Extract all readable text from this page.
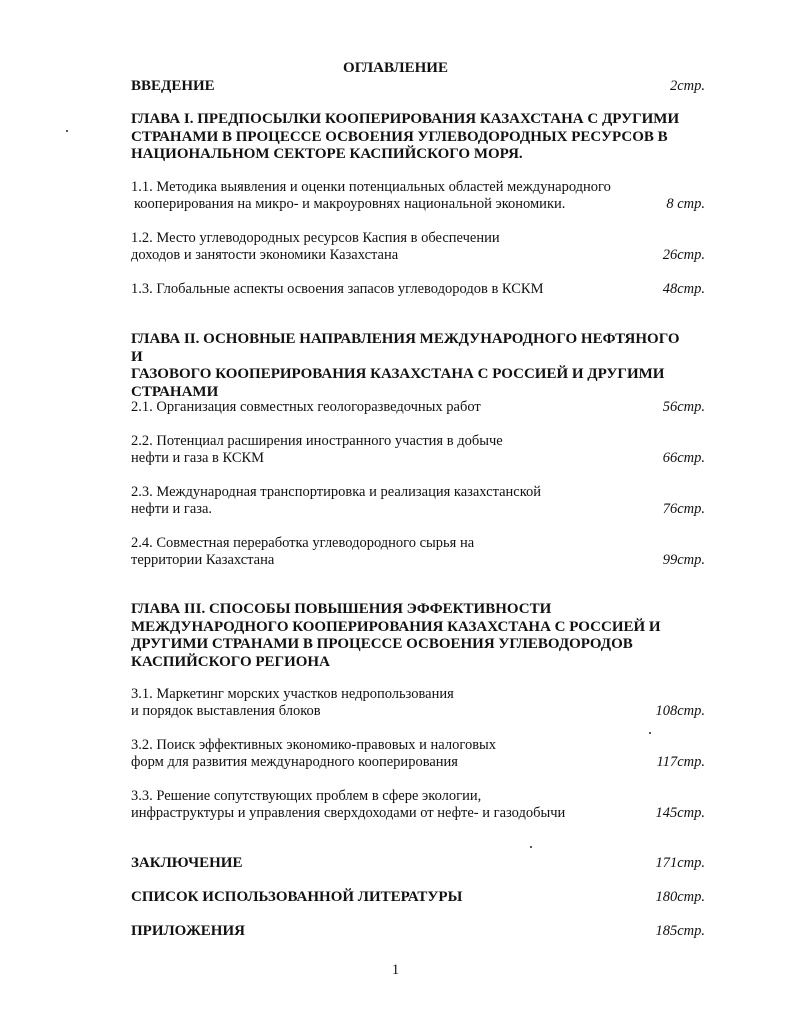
ОГЛАВЛЕНИЕ
ВВЕДЕНИЕ	2стр.
ГЛАВА I. ПРЕДПОСЫЛКИ КООПЕРИРОВАНИЯ КАЗАХСТАНА С ДРУГИМИ
СТРАНАМИ В ПРОЦЕССЕ ОСВОЕНИЯ УГЛЕВОДОРОДНЫХ РЕСУРСОВ В
НАЦИОНАЛЬНОМ СЕКТОРЕ КАСПИЙСКОГО МОРЯ.
1.1. Методика выявления и оценки потенциальных областей международного
кооперирования на микро- и макроуровнях национальной экономики.	8 стр.
1.2. Место углеводородных ресурсов Каспия в обеспечении
доходов и занятости экономики Казахстана	26стр.
1.3. Глобальные аспекты освоения запасов углеводородов в КСКМ	48стр.
ГЛАВА II. ОСНОВНЫЕ НАПРАВЛЕНИЯ МЕЖДУНАРОДНОГО НЕФТЯНОГО И
ГАЗОВОГО КООПЕРИРОВАНИЯ КАЗАХСТАНА С РОССИЕЙ И ДРУГИМИ
СТРАНАМИ
2.1. Организация совместных геологоразведочных работ	56стр.
2.2. Потенциал расширения иностранного участия в добыче
нефти и газа в КСКМ	66стр.
2.3. Международная транспортировка и реализация казахстанской
нефти и газа.	76стр.
2.4. Совместная переработка углеводородного сырья на
территории Казахстана	99стр.
ГЛАВА III. СПОСОБЫ ПОВЫШЕНИЯ ЭФФЕКТИВНОСТИ
МЕЖДУНАРОДНОГО КООПЕРИРОВАНИЯ КАЗАХСТАНА С РОССИЕЙ И
ДРУГИМИ СТРАНАМИ В ПРОЦЕССЕ ОСВОЕНИЯ УГЛЕВОДОРОДОВ
КАСПИЙСКОГО РЕГИОНА
3.1. Маркетинг морских участков недропользования
и порядок выставления блоков	108стр.
3.2. Поиск эффективных экономико-правовых и налоговых
форм для развития международного кооперирования	117стр.
3.3. Решение сопутствующих проблем в сфере экологии,
инфраструктуры и управления сверхдоходами от нефте- и газодобычи	145стр.
ЗАКЛЮЧЕНИЕ	171стр.
СПИСОК ИСПОЛЬЗОВАННОЙ ЛИТЕРАТУРЫ	180стр.
ПРИЛОЖЕНИЯ	185стр.
1
